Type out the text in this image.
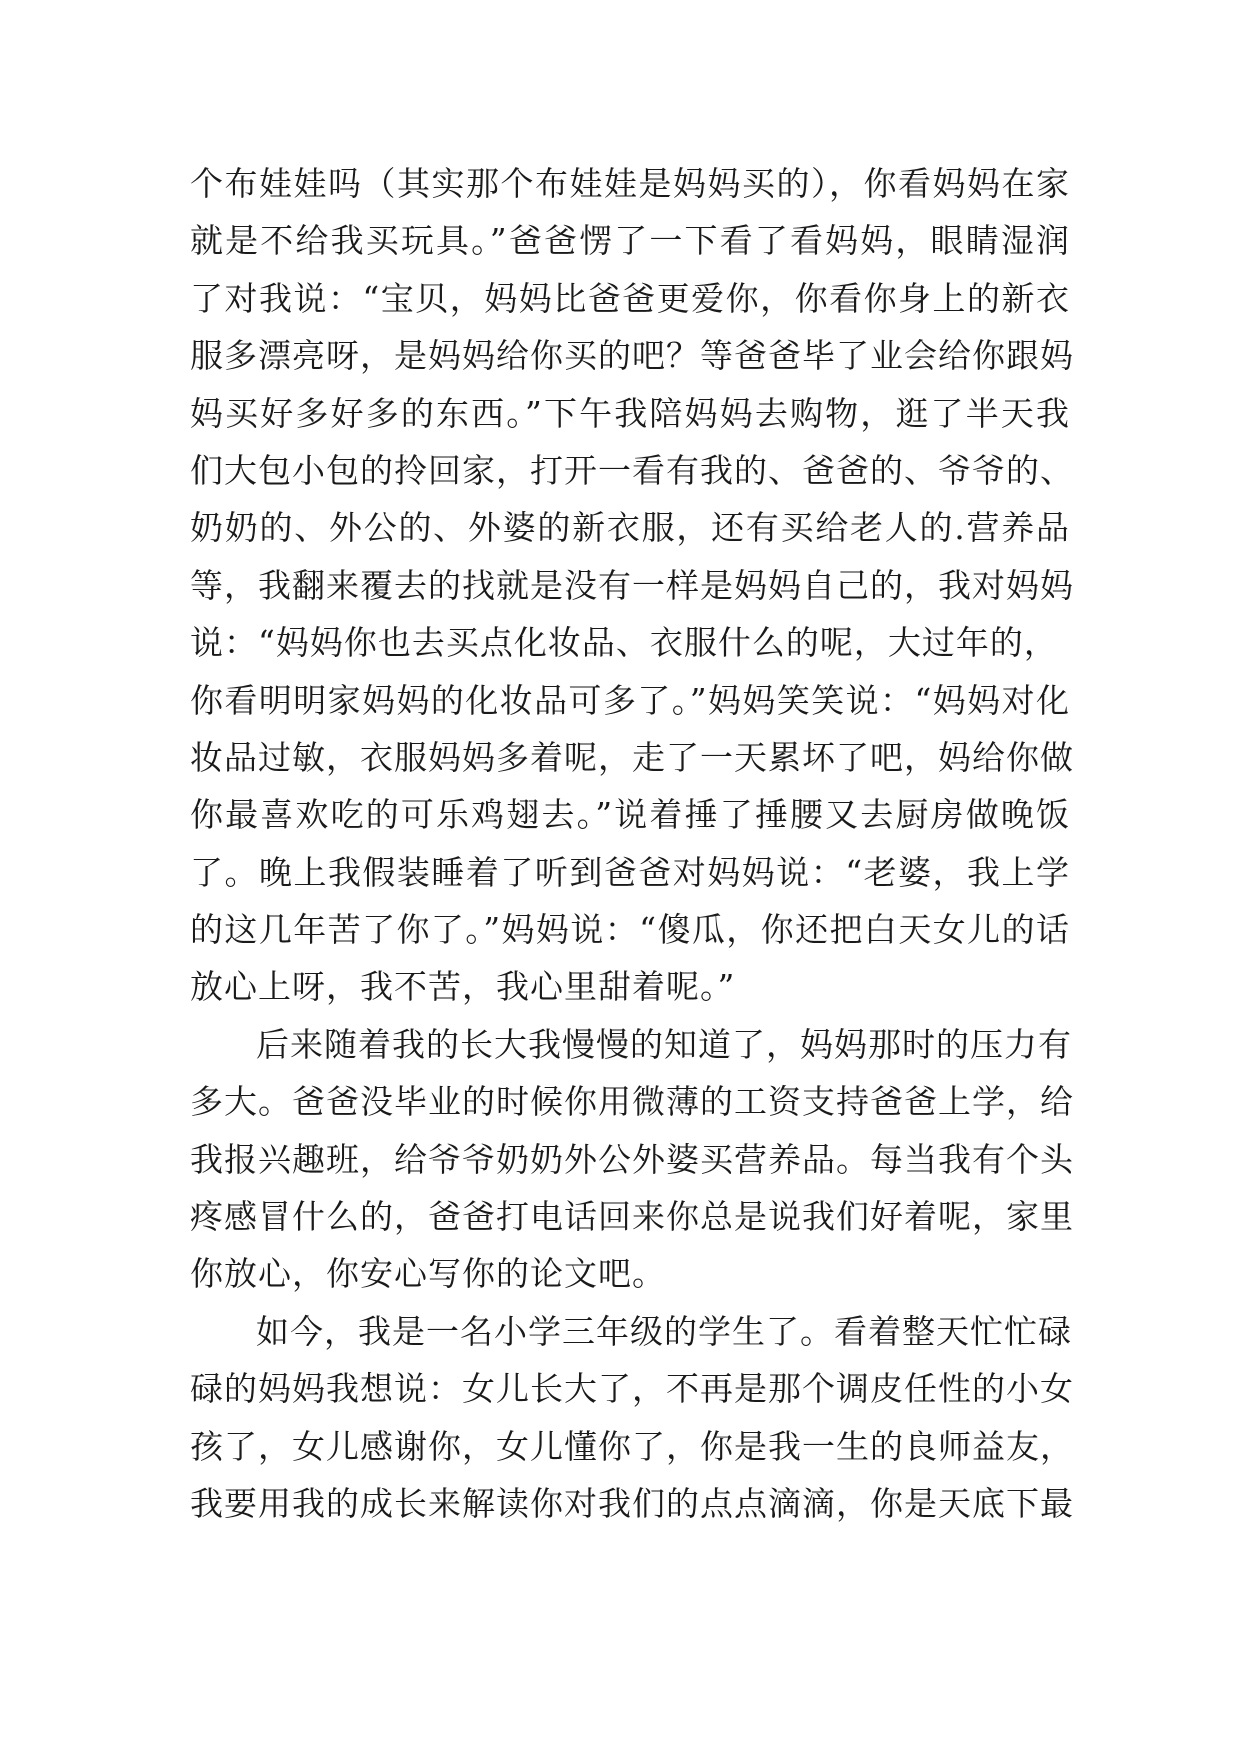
个布娃娃吗（其实那个布娃娃是妈妈买的），你看妈妈在家
就是不给我买玩具。”爸爸愣了一下看了看妈妈，眼睛湿润
了对我说：“宝贝，妈妈比爸爸更爱你，你看你身上的新衣
服多漂亮呀，是妈妈给你买的吧？等爸爸毕了业会给你跟妈
妈买好多好多的东西。”下午我陪妈妈去购物，逛了半天我
们大包小包的拎回家，打开一看有我的、爸爸的、爷爷的、
奶奶的、外公的、外婆的新衣服，还有买给老人的.营养品
等，我翻来覆去的找就是没有一样是妈妈自己的，我对妈妈
说：“妈妈你也去买点化妆品、衣服什么的呢，大过年的，
你看明明家妈妈的化妆品可多了。”妈妈笑笑说：“妈妈对化
妆品过敏，衣服妈妈多着呢，走了一天累坏了吧，妈给你做
你最喜欢吃的可乐鸡翅去。”说着捶了捶腰又去厨房做晚饭
了。晚上我假装睡着了听到爸爸对妈妈说：“老婆，我上学
的这几年苦了你了。”妈妈说：“傻瓜，你还把白天女儿的话
放心上呀，我不苦，我心里甜着呢。”
后来随着我的长大我慢慢的知道了，妈妈那时的压力有
多大。爸爸没毕业的时候你用微薄的工资支持爸爸上学，给
我报兴趣班，给爷爷奶奶外公外婆买营养品。每当我有个头
疼感冒什么的，爸爸打电话回来你总是说我们好着呢，家里
你放心，你安心写你的论文吧。
如今，我是一名小学三年级的学生了。看着整天忙忙碌
碌的妈妈我想说：女儿长大了，不再是那个调皮任性的小女
孩了，女儿感谢你，女儿懂你了，你是我一生的良师益友，
我要用我的成长来解读你对我们的点点滴滴，你是天底下最
